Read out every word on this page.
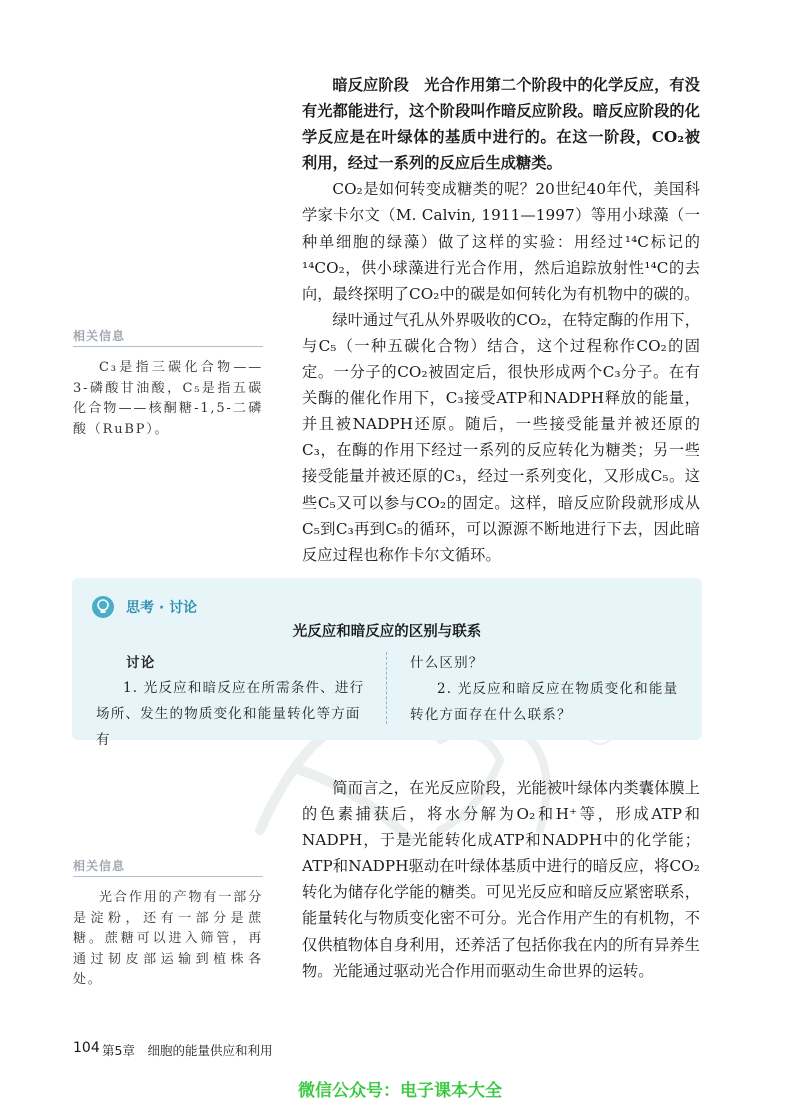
暗反应阶段　光合作用第二个阶段中的化学反应，有没有光都能进行，这个阶段叫作暗反应阶段。暗反应阶段的化学反应是在叶绿体的基质中进行的。在这一阶段，CO₂被利用，经过一系列的反应后生成糖类。

CO₂是如何转变成糖类的呢？20世纪40年代，美国科学家卡尔文（M. Calvin, 1911—1997）等用小球藻（一种单细胞的绿藻）做了这样的实验：用经过¹⁴C标记的¹⁴CO₂，供小球藻进行光合作用，然后追踪放射性¹⁴C的去向，最终探明了CO₂中的碳是如何转化为有机物中的碳的。

绿叶通过气孔从外界吸收的CO₂，在特定酶的作用下，与C₅（一种五碳化合物）结合，这个过程称作CO₂的固定。一分子的CO₂被固定后，很快形成两个C₃分子。在有关酶的催化作用下，C₃接受ATP和NADPH释放的能量，并且被NADPH还原。随后，一些接受能量并被还原的C₃，在酶的作用下经过一系列的反应转化为糖类；另一些接受能量并被还原的C₃，经过一系列变化，又形成C₅。这些C₅又可以参与CO₂的固定。这样，暗反应阶段就形成从C₅到C₃再到C₅的循环，可以源源不断地进行下去，因此暗反应过程也称作卡尔文循环。

相关信息

C₃是指三碳化合物——3-磷酸甘油酸，C₅是指五碳化合物——核酮糖-1,5-二磷酸（RuBP）。

思考 · 讨论
光反应和暗反应的区别与联系
讨论

1. 光反应和暗反应在所需条件、进行场所、发生的物质变化和能量转化等方面有

什么区别？

2. 光反应和暗反应在物质变化和能量转化方面存在什么联系？

简而言之，在光反应阶段，光能被叶绿体内类囊体膜上的色素捕获后，将水分解为O₂和H⁺等，形成ATP和NADPH，于是光能转化成ATP和NADPH中的化学能；ATP和NADPH驱动在叶绿体基质中进行的暗反应，将CO₂转化为储存化学能的糖类。可见光反应和暗反应紧密联系，能量转化与物质变化密不可分。光合作用产生的有机物，不仅供植物体自身利用，还养活了包括你我在内的所有异养生物。光能通过驱动光合作用而驱动生命世界的运转。

相关信息

光合作用的产物有一部分是淀粉，还有一部分是蔗糖。蔗糖可以进入筛管，再通过韧皮部运输到植株各处。

104 第5章　细胞的能量供应和利用
微信公众号：电子课本大全
